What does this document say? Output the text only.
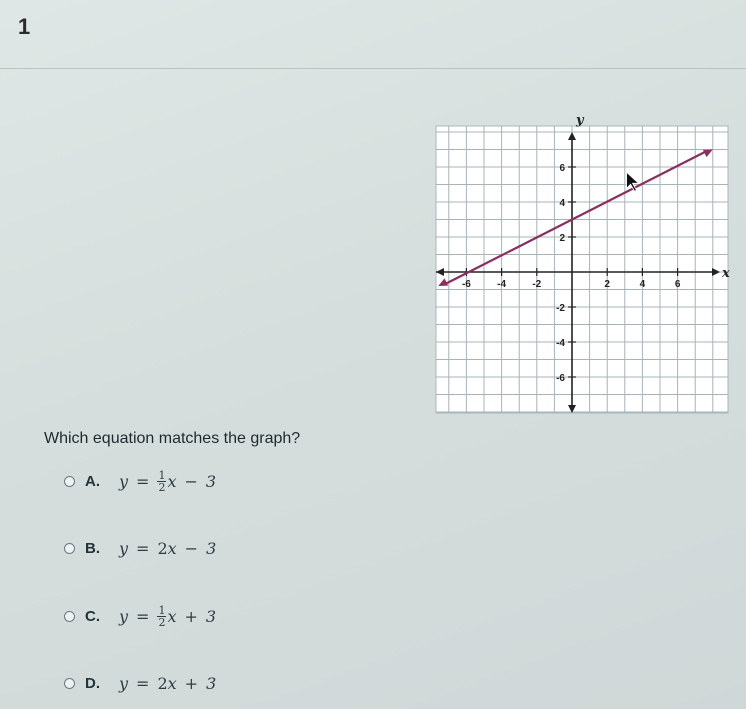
1
x
y
-6	-4	-2	2	4	6
6
4
2
-2
-4
-6
Which equation matches the graph?
A.	$y = \frac{1}{2}$ x − 3
B.	y = 2 x − 3
C.	$y = \frac{1}{2}$ x + 3
D.	y = 2 x + 3
